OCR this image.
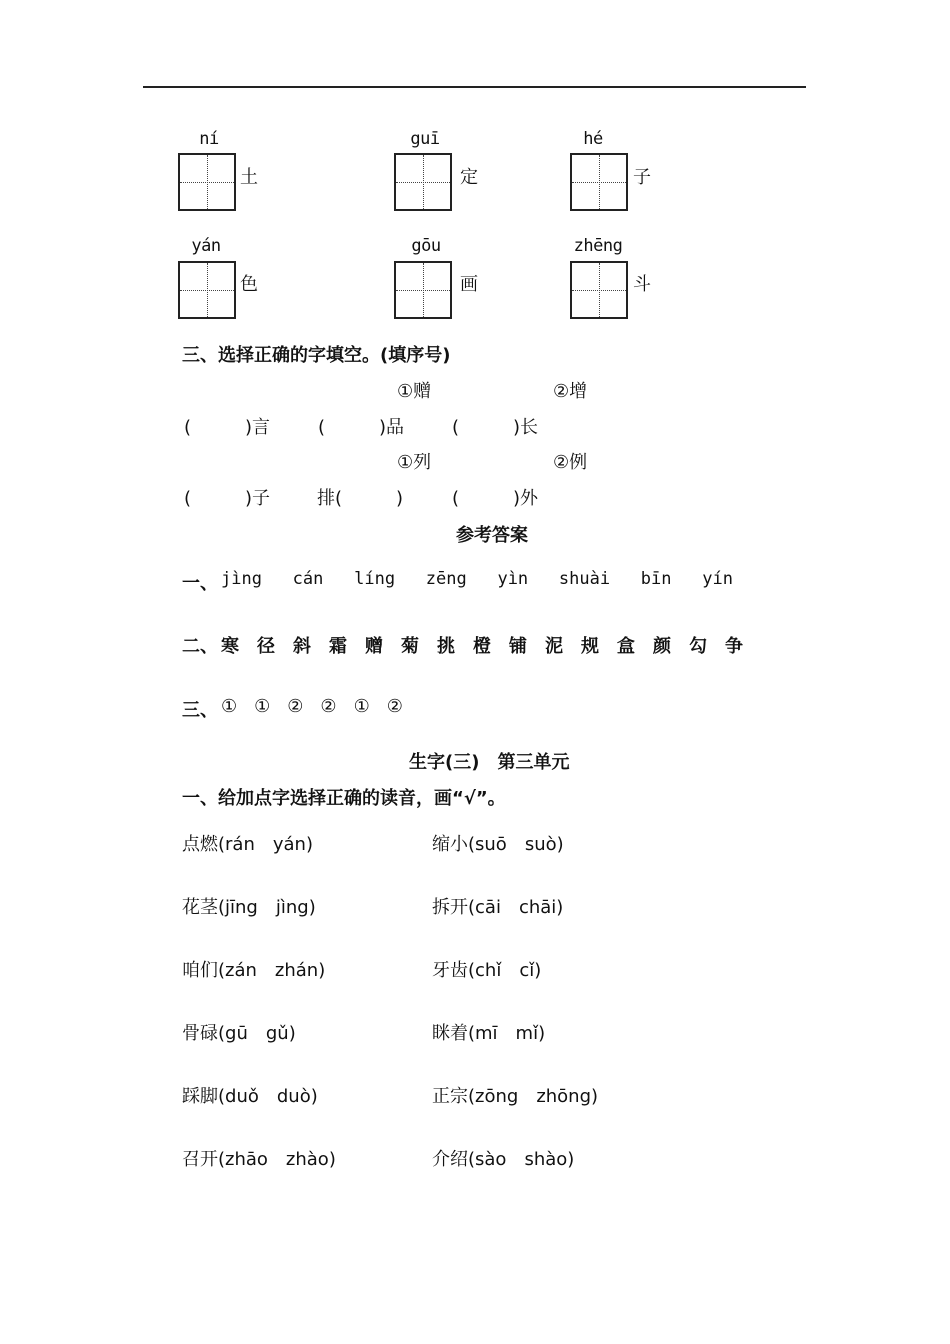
ní
土
guī
定
hé
子
yán
色
gōu
画
zhēng
斗
三、选择正确的字填空。(填序号)
①赠	②增
(　　　)言	(　　　)品	(　　　)长
①列	②例
(　　　)子	排(　　　)	(　　　)外
参考答案
一、 jìng cán líng zēng yìn shuài bīn yín
二、 寒 径 斜 霜 赠 菊 挑 橙 铺 泥 规 盒 颜 勾 争
三、 ① ① ② ② ① ②
生字(三)　第三单元
一、给加点字选择正确的读音，画“√”。
点燃(rán　yán)	缩小(suō　suò)
花茎(jīng　jìng)	拆开(cāi　chāi)
咱们(zán　zhán)	牙齿(chǐ　cǐ)
骨碌(gū　gǔ)	眯着(mī　mǐ)
踩脚(duǒ　duò)	正宗(zōng　zhōng)
召开(zhāo　zhào)	介绍(sào　shào)
